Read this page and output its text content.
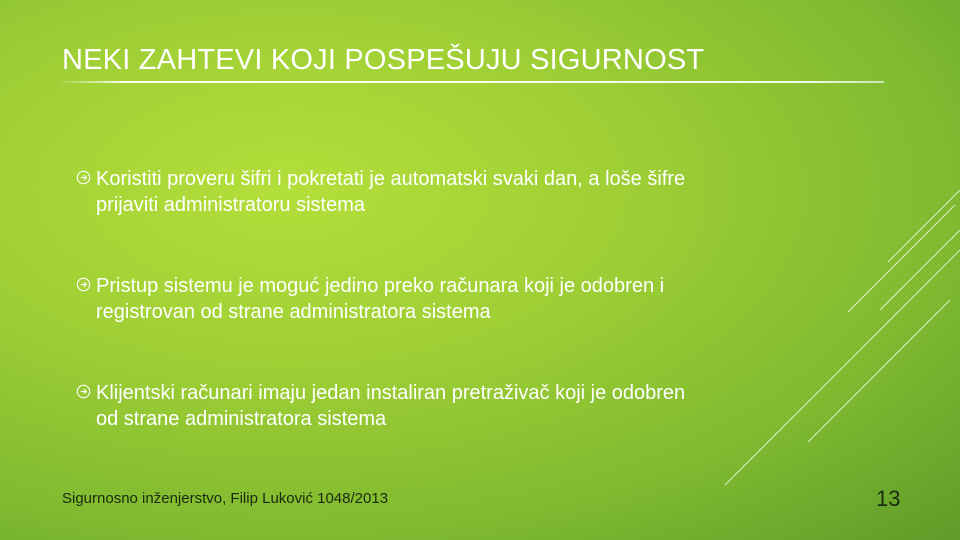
NEKI ZAHTEVI KOJI POSPEŠUJU SIGURNOST
Koristiti proveru šifri i pokretati je automatski svaki dan, a loše šifre
prijaviti administratoru sistema
Pristup sistemu je moguć jedino preko računara koji je odobren i
registrovan od strane administratora sistema
Klijentski računari imaju jedan instaliran pretraživač koji je odobren
od strane administratora sistema
Sigurnosno inženjerstvo, Filip Luković 1048/2013	13
